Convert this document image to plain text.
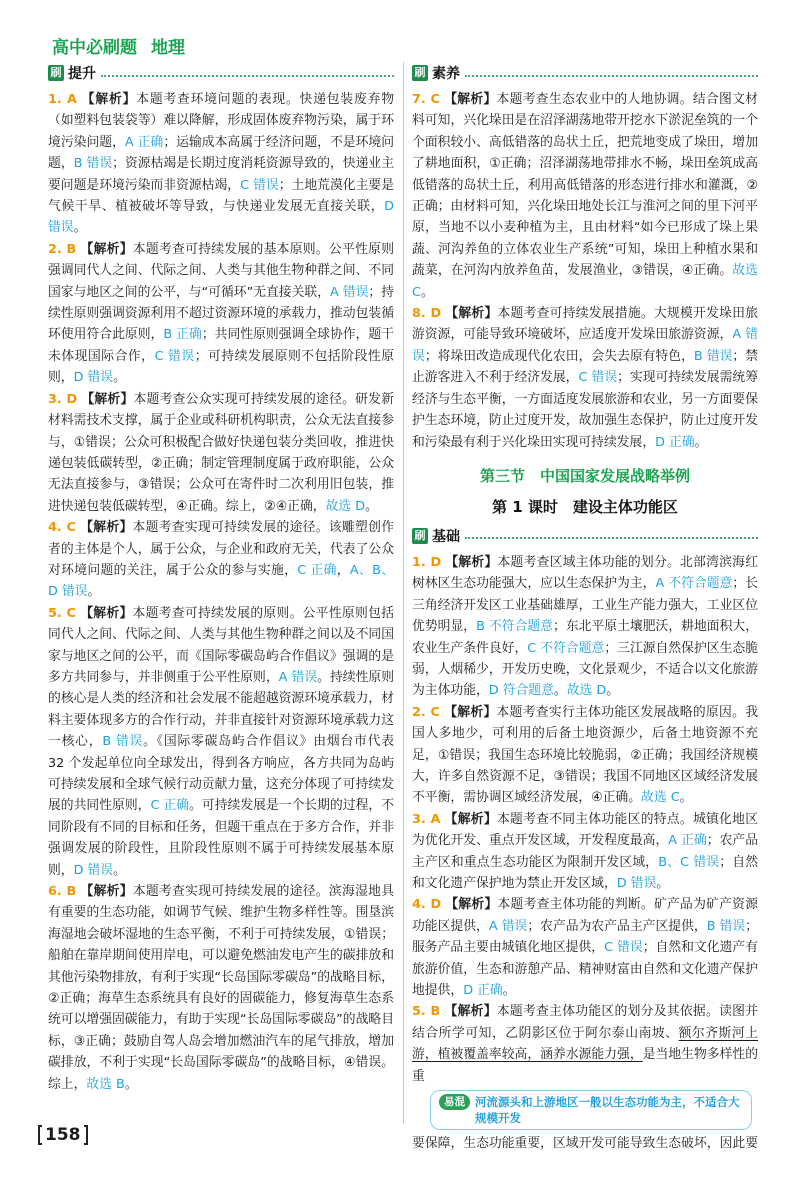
高中必刷题 地理
刷 提升

1. A 【解析】本题考查环境问题的表现。快递包装废弃物（如塑料包装袋等）难以降解，形成固体废弃物污染，属于环境污染问题，A 正确；运输成本高属于经济问题，不是环境问题，B 错误；资源枯竭是长期过度消耗资源导致的，快递业主要问题是环境污染而非资源枯竭，C 错误；土地荒漠化主要是气候干旱、植被破坏等导致，与快递业发展无直接关联，D 错误。

2. B 【解析】本题考查可持续发展的基本原则。公平性原则强调同代人之间、代际之间、人类与其他生物种群之间、不同国家与地区之间的公平，与“可循环”无直接关联，A 错误；持续性原则强调资源利用不超过资源环境的承载力，推动包装循环使用符合此原则，B 正确；共同性原则强调全球协作，题干未体现国际合作，C 错误；可持续发展原则不包括阶段性原则，D 错误。

3. D 【解析】本题考查公众实现可持续发展的途径。研发新材料需技术支撑，属于企业或科研机构职责，公众无法直接参与，①错误；公众可积极配合做好快递包装分类回收，推进快递包装低碳转型，②正确；制定管理制度属于政府职能，公众无法直接参与，③错误；公众可在寄件时二次利用旧包装，推进快递包装低碳转型，④正确。综上，②④正确，故选 D。

4. C 【解析】本题考查实现可持续发展的途径。该雕塑创作者的主体是个人，属于公众，与企业和政府无关，代表了公众对环境问题的关注，属于公众的参与实施，C 正确，A、B、D 错误。

5. C 【解析】本题考查可持续发展的原则。公平性原则包括同代人之间、代际之间、人类与其他生物种群之间以及不同国家与地区之间的公平，而《国际零碳岛屿合作倡议》强调的是多方共同参与，并非侧重于公平性原则，A 错误。持续性原则的核心是人类的经济和社会发展不能超越资源环境承载力，材料主要体现多方的合作行动，并非直接针对资源环境承载力这一核心，B 错误。《国际零碳岛屿合作倡议》由烟台市代表 32 个发起单位向全球发出，得到各方响应，各方共同为岛屿可持续发展和全球气候行动贡献力量，这充分体现了可持续发展的共同性原则，C 正确。可持续发展是一个长期的过程，不同阶段有不同的目标和任务，但题干重点在于多方合作，并非强调发展的阶段性，且阶段性原则不属于可持续发展基本原则，D 错误。

6. B 【解析】本题考查实现可持续发展的途径。滨海湿地具有重要的生态功能，如调节气候、维护生物多样性等。围垦滨海湿地会破坏湿地的生态平衡，不利于可持续发展，①错误；船舶在靠岸期间使用岸电，可以避免燃油发电产生的碳排放和其他污染物排放，有利于实现“长岛国际零碳岛”的战略目标，②正确；海草生态系统具有良好的固碳能力，修复海草生态系统可以增强固碳能力，有助于实现“长岛国际零碳岛”的战略目标，③正确；鼓励自驾人岛会增加燃油汽车的尾气排放，增加碳排放，不利于实现“长岛国际零碳岛”的战略目标，④错误。综上，故选 B。

刷 素养

7. C 【解析】本题考查生态农业中的人地协调。结合图文材料可知，兴化垛田是在沼泽湖荡地带开挖水下淤泥垒筑的一个个面积较小、高低错落的岛状土丘，把荒地变成了垛田，增加了耕地面积，①正确；沼泽湖荡地带排水不畅，垛田垒筑成高低错落的岛状土丘，利用高低错落的形态进行排水和灌溉，②正确；由材料可知，兴化垛田地处长江与淮河之间的里下河平原，当地不以小麦种植为主，且由材料“如今已形成了垛上果蔬、河沟养鱼的立体农业生产系统”可知，垛田上种植水果和蔬菜，在河沟内放养鱼苗，发展渔业，③错误，④正确。故选 C。

8. D 【解析】本题考查可持续发展措施。大规模开发垛田旅游资源，可能导致环境破坏，应适度开发垛田旅游资源，A 错误；将垛田改造成现代化农田，会失去原有特色，B 错误；禁止游客进入不利于经济发展，C 错误；实现可持续发展需统筹经济与生态平衡，一方面适度发展旅游和农业，另一方面要保护生态环境，防止过度开发，故加强生态保护，防止过度开发和污染最有利于兴化垛田实现可持续发展，D 正确。

第三节　中国国家发展战略举例
第 1 课时　建设主体功能区
刷 基础

1. D 【解析】本题考查区域主体功能的划分。北部湾滨海红树林区生态功能强大，应以生态保护为主，A 不符合题意；长三角经济开发区工业基础雄厚，工业生产能力强大，工业区位优势明显，B 不符合题意；东北平原土壤肥沃，耕地面积大，农业生产条件良好，C 不符合题意；三江源自然保护区生态脆弱，人烟稀少，开发历史晚，文化景观少，不适合以文化旅游为主体功能，D 符合题意。故选 D。

2. C 【解析】本题考查实行主体功能区发展战略的原因。我国人多地少，可利用的后备土地资源少，后备土地资源不充足，①错误；我国生态环境比较脆弱，②正确；我国经济规模大，许多自然资源不足，③错误；我国不同地区区域经济发展不平衡，需协调区域经济发展，④正确。故选 C。

3. A 【解析】本题考查不同主体功能区的特点。城镇化地区为优化开发、重点开发区域，开发程度最高，A 正确；农产品主产区和重点生态功能区为限制开发区域，B、C 错误；自然和文化遗产保护地为禁止开发区域，D 错误。

4. D 【解析】本题考查主体功能的判断。矿产品为矿产资源功能区提供，A 错误；农产品为农产品主产区提供，B 错误；服务产品主要由城镇化地区提供，C 错误；自然和文化遗产有旅游价值，生态和游憩产品、精神财富由自然和文化遗产保护地提供，D 正确。

5. B 【解析】本题考查主体功能区的划分及其依据。读图并结合所学可知，乙阴影区位于阿尔泰山南坡、额尔齐斯河上游，植被覆盖率较高，涵养水源能力强，是当地生物多样性的重

易混 河流源头和上游地区一般以生态功能为主，不适合大规模开发

要保障，生态功能重要，区域开发可能导致生态破坏，因此要

158
